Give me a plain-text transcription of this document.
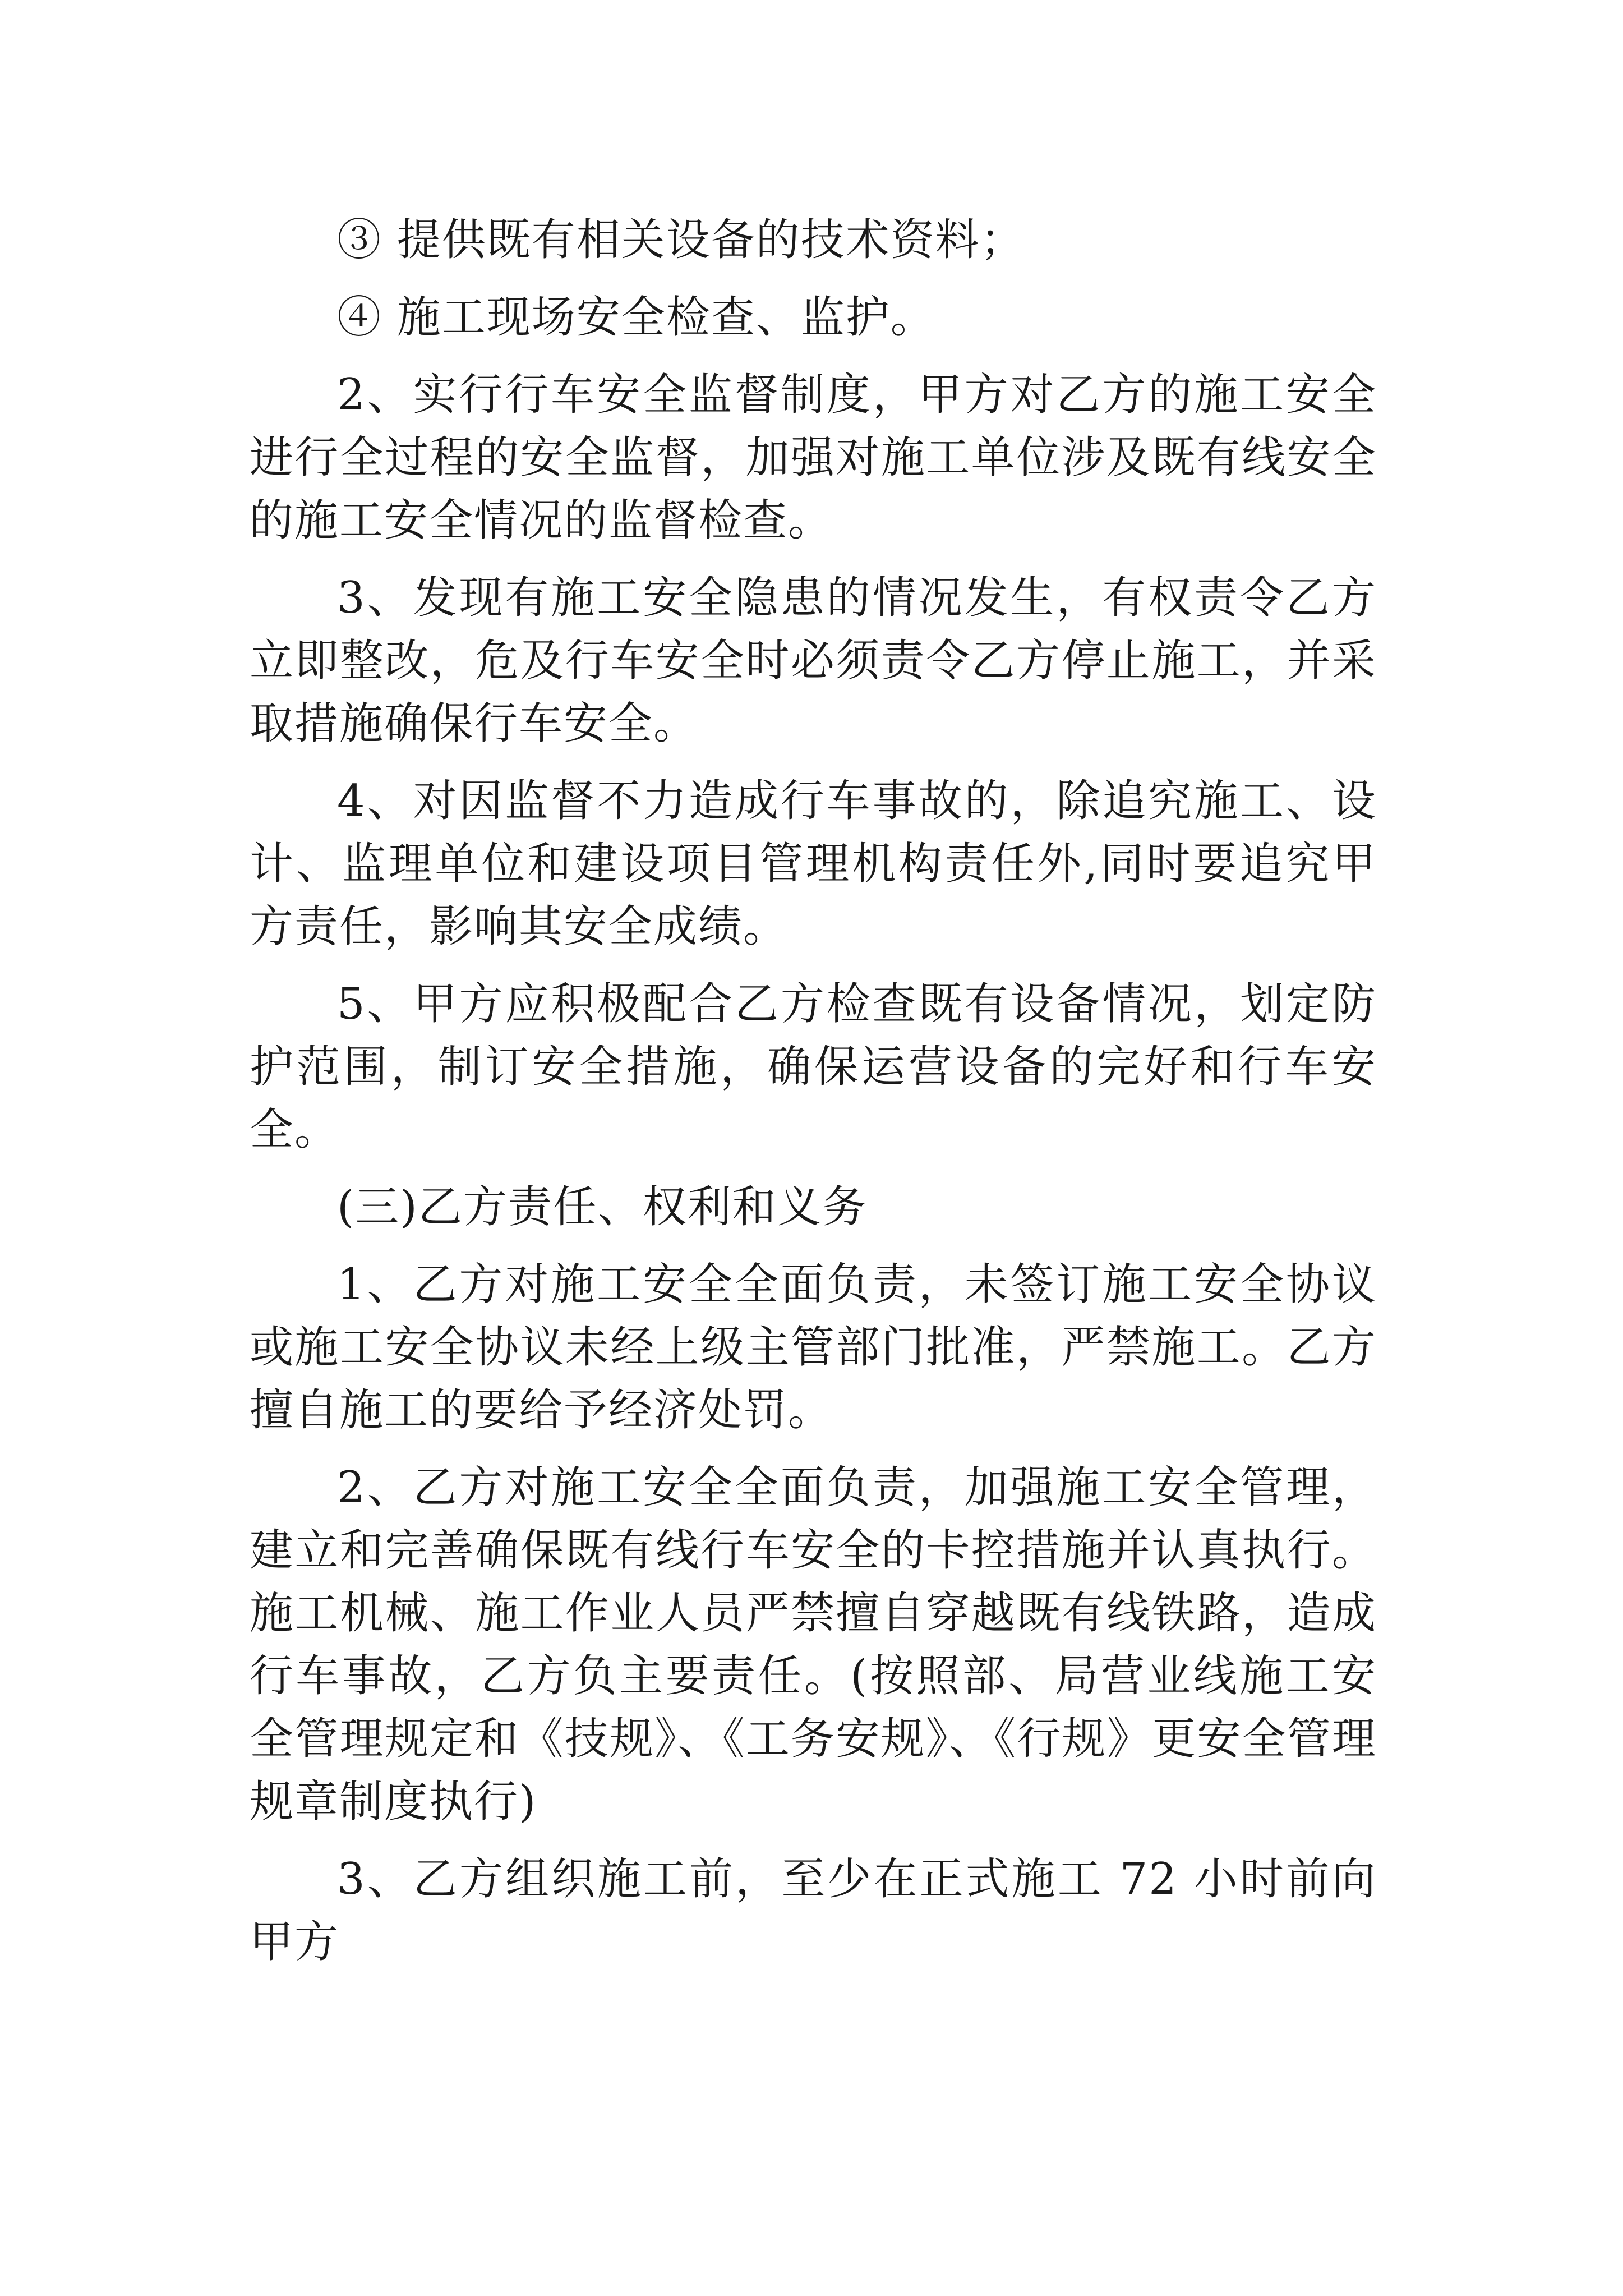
③ 提供既有相关设备的技术资料；

④ 施工现场安全检查、监护。

2、实行行车安全监督制度，甲方对乙方的施工安全进行全过程的安全监督，加强对施工单位涉及既有线安全的施工安全情况的监督检查。

3、发现有施工安全隐患的情况发生，有权责令乙方立即整改，危及行车安全时必须责令乙方停止施工，并采取措施确保行车安全。

4、对因监督不力造成行车事故的，除追究施工、设计、监理单位和建设项目管理机构责任外,同时要追究甲方责任，影响其安全成绩。

5、甲方应积极配合乙方检查既有设备情况，划定防护范围，制订安全措施，确保运营设备的完好和行车安全。

(三)乙方责任、权利和义务

1、乙方对施工安全全面负责，未签订施工安全协议或施工安全协议未经上级主管部门批准，严禁施工。乙方擅自施工的要给予经济处罚。

2、乙方对施工安全全面负责，加强施工安全管理，建立和完善确保既有线行车安全的卡控措施并认真执行。施工机械、施工作业人员严禁擅自穿越既有线铁路，造成行车事故，乙方负主要责任。(按照部、局营业线施工安全管理规定和《技规》、《工务安规》、《行规》更安全管理规章制度执行)

3、乙方组织施工前，至少在正式施工 72 小时前向甲方
